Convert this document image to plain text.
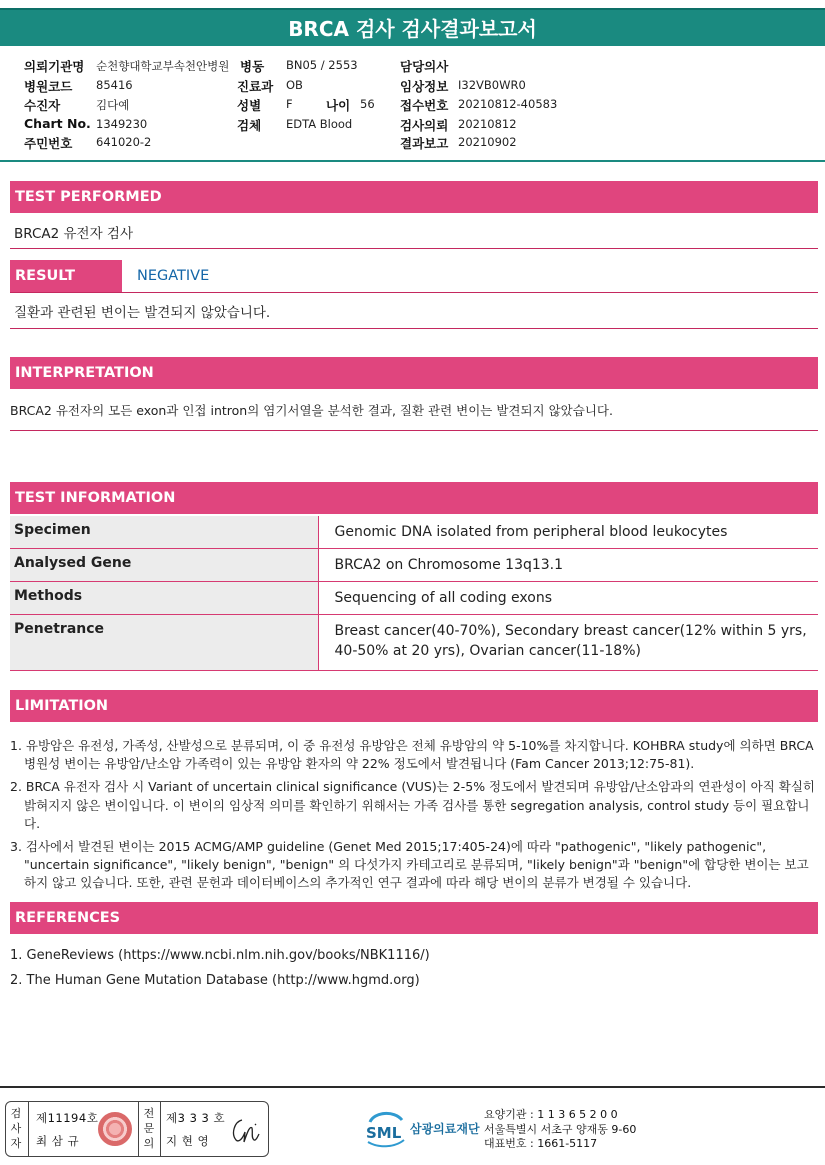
BRCA 검사 검사결과보고서
의뢰기관명 순천향대학교부속천안병원
병원코드 85416
수진자	김다예
Chart No. 1349230
주민번호 641020-2
병동 BN05 / 2553
진료과 OB
성별 F	나이 56
검체 EDTA Blood
담당의사
임상정보 I32VB0WR0
접수번호 20210812-40583
검사의뢰 20210812
결과보고 20210902
TEST PERFORMED
BRCA2 유전자 검사
RESULT	NEGATIVE
질환과 관련된 변이는 발견되지 않았습니다.
INTERPRETATION
BRCA2 유전자의 모든 exon과 인접 intron의 염기서열을 분석한 결과, 질환 관련 변이는 발견되지 않았습니다.
TEST INFORMATION
Specimen	Genomic DNA isolated from peripheral blood leukocytes
Analysed Gene	BRCA2 on Chromosome 13q13.1
Methods	Sequencing of all coding exons
Penetrance	Breast cancer(40-70%), Secondary breast cancer(12% within 5 yrs, 40-50% at 20 yrs), Ovarian cancer(11-18%)
LIMITATION
1. 유방암은 유전성, 가족성, 산발성으로 분류되며, 이 중 유전성 유방암은 전체 유방암의 약 5-10%를 차지합니다. KOHBRA study에 의하면 BRCA 병원성 변이는 유방암/난소암 가족력이 있는 유방암 환자의 약 22% 정도에서 발견됩니다 (Fam Cancer 2013;12:75-81).
2. BRCA 유전자 검사 시 Variant of uncertain clinical significance (VUS)는 2-5% 정도에서 발견되며 유방암/난소암과의 연관성이 아직 확실히 밝혀지지 않은 변이입니다. 이 변이의 임상적 의미를 확인하기 위해서는 가족 검사를 통한 segregation analysis, control study 등이 필요합니다.
3. 검사에서 발견된 변이는 2015 ACMG/AMP guideline (Genet Med 2015;17:405-24)에 따라 "pathogenic", "likely pathogenic", "uncertain significance", "likely benign", "benign" 의 다섯가지 카테고리로 분류되며, "likely benign"과 "benign"에 합당한 변이는 보고하지 않고 있습니다. 또한, 관련 문헌과 데이터베이스의 추가적인 연구 결과에 따라 해당 변이의 분류가 변경될 수 있습니다.
REFERENCES
1. GeneReviews (https://www.ncbi.nlm.nih.gov/books/NBK1116/)
2. The Human Gene Mutation Database (http://www.hgmd.org)
검
사
자
제11194호
최 삼 규
전
문
의
제3 3 3 호
지 현 영	SML 삼광의료재단
요양기관 : 1 1 3 6 5 2 0 0
서울특별시 서초구 양재동 9-60
대표번호 : 1661-5117
